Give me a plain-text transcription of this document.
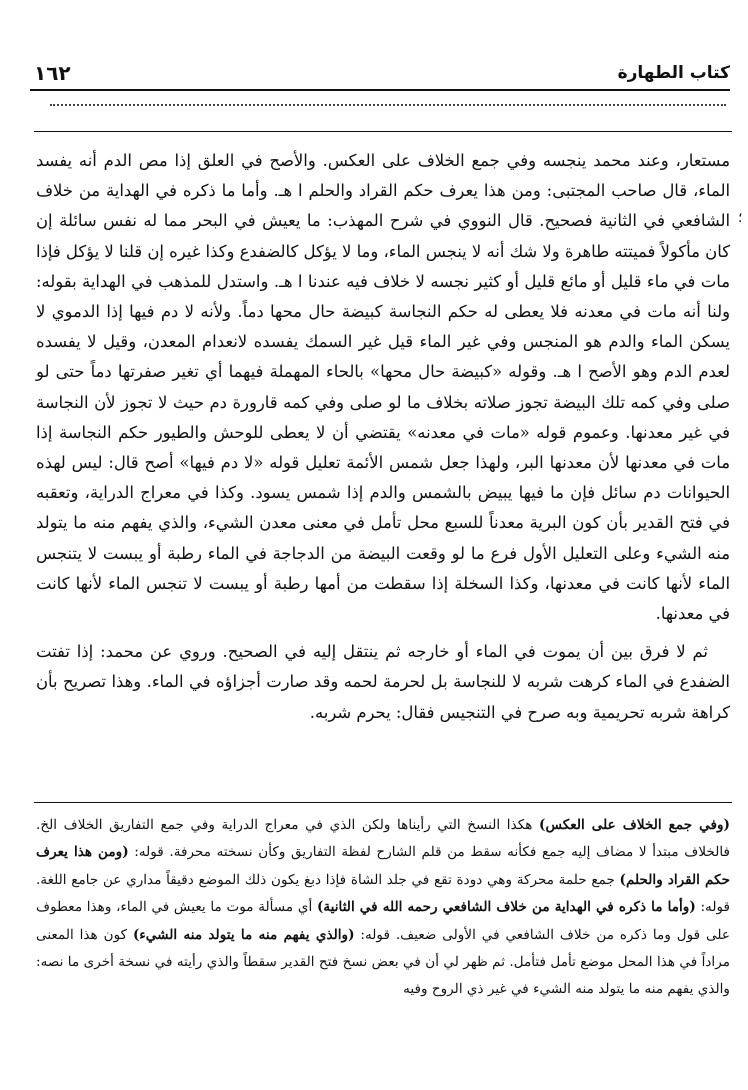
١٦٢	كتاب الطهارة
؛

مستعار، وعند محمد ينجسه وفي جمع الخلاف على العكس. والأصح في العلق إذا مص الدم أنه يفسد الماء، قال صاحب المجتبى: ومن هذا يعرف حكم القراد والحلم ا هـ. وأما ما ذكره في الهداية من خلاف الشافعي في الثانية فصحيح. قال النووي في شرح المهذب: ما يعيش في البحر مما له نفس سائلة إن كان مأكولاً فميتته طاهرة ولا شك أنه لا ينجس الماء، وما لا يؤكل كالضفدع وكذا غيره إن قلنا لا يؤكل فإذا مات في ماء قليل أو مائع قليل أو كثير نجسه لا خلاف فيه عندنا ا هـ. واستدل للمذهب في الهداية بقوله: ولنا أنه مات في معدنه فلا يعطى له حكم النجاسة كبيضة حال محها دماً. ولأنه لا دم فيها إذا الدموي لا يسكن الماء والدم هو المنجس وفي غير الماء قيل غير السمك يفسده لانعدام المعدن، وقيل لا يفسده لعدم الدم وهو الأصح ا هـ. وقوله «كبيضة حال محها» بالحاء المهملة فيهما أي تغير صفرتها دماً حتى لو صلى وفي كمه تلك البيضة تجوز صلاته بخلاف ما لو صلى وفي كمه قارورة دم حيث لا تجوز لأن النجاسة في غير معدنها. وعموم قوله «مات في معدنه» يقتضي أن لا يعطى للوحش والطيور حكم النجاسة إذا مات في معدنها لأن معدنها البر، ولهذا جعل شمس الأئمة تعليل قوله «لا دم فيها» أصح قال: ليس لهذه الحيوانات دم سائل فإن ما فيها يبيض بالشمس والدم إذا شمس يسود. وكذا في معراج الدراية، وتعقبه في فتح القدير بأن كون البرية معدناً للسبع محل تأمل في معنى معدن الشيء، والذي يفهم منه ما يتولد منه الشيء وعلى التعليل الأول فرع ما لو وقعت البيضة من الدجاجة في الماء رطبة أو يبست لا يتنجس الماء لأنها كانت في معدنها، وكذا السخلة إذا سقطت من أمها رطبة أو يبست لا تنجس الماء لأنها كانت في معدنها.

ثم لا فرق بين أن يموت في الماء أو خارجه ثم ينتقل إليه في الصحيح. وروي عن محمد: إذا تفتت الضفدع في الماء كرهت شربه لا للنجاسة بل لحرمة لحمه وقد صارت أجزاؤه في الماء. وهذا تصريح بأن كراهة شربه تحريمية وبه صرح في التنجيس فقال: يحرم شربه.

(وفي جمع الخلاف على العكس) هكذا النسخ التي رأيناها ولكن الذي في معراج الدراية وفي جمع التفاريق الخلاف الخ. فالخلاف مبتدأ لا مضاف إليه جمع فكأنه سقط من قلم الشارح لفظة التفاريق وكأن نسخته محرفة. قوله: (ومن هذا يعرف حكم القراد والحلم) جمع حلمة محركة وهي دودة تقع في جلد الشاة فإذا دبغ يكون ذلك الموضع دقيقاً مداري عن جامع اللغة. قوله: (وأما ما ذكره في الهداية من خلاف الشافعي رحمه الله في الثانية) أي مسألة موت ما يعيش في الماء، وهذا معطوف على قول وما ذكره من خلاف الشافعي في الأولى ضعيف. قوله: (والذي يفهم منه ما يتولد منه الشيء) كون هذا المعنى مراداً في هذا المحل موضع تأمل فتأمل. ثم ظهر لي أن في بعض نسخ فتح القدير سقطاً والذي رأيته في نسخة أخرى ما نصه: والذي يفهم منه ما يتولد منه الشيء في غير ذي الروح وفيه
